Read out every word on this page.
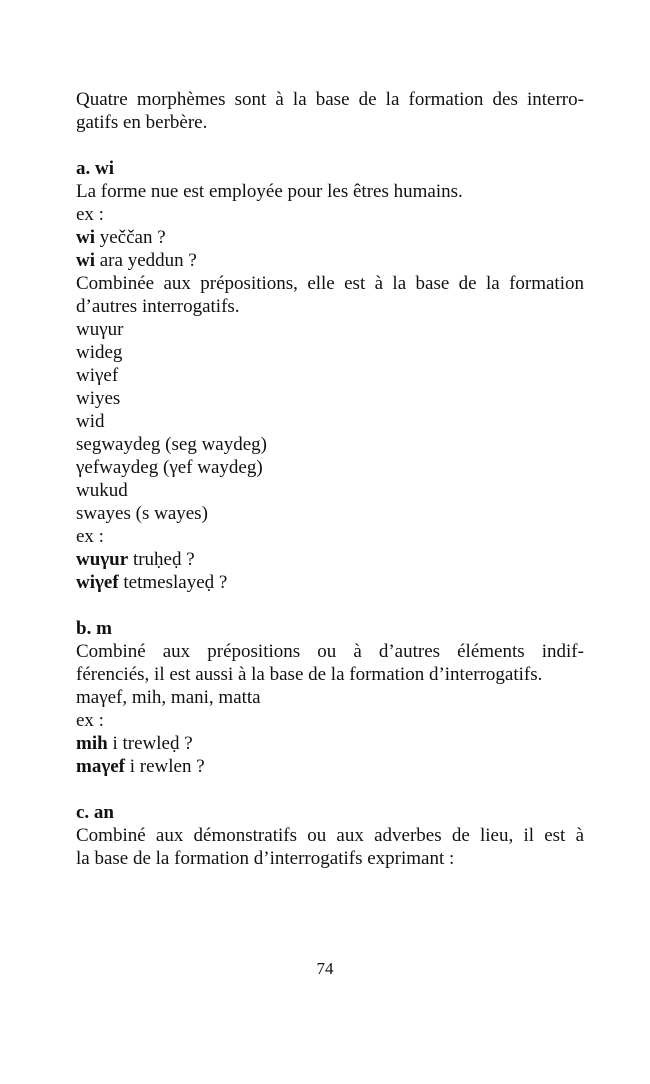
Quatre morphèmes sont à la base de la formation des interro-
gatifs en berbère.
a. wi
La forme nue est employée pour les êtres humains.
ex :
wi yeččan ?
wi ara yeddun ?
Combinée aux prépositions, elle est à la base de la formation
d’autres interrogatifs.
wuγur
wideg
wiγef
wiyes
wid
segwaydeg (seg waydeg)
γefwaydeg (γef waydeg)
wukud
swayes (s wayes)
ex :
wuγur truḥeḍ ?
wiγef tetmeslayeḍ ?
b. m
Combiné aux prépositions ou à d’autres éléments indif-
férenciés, il est aussi à la base de la formation d’interrogatifs.
maγef, mih, mani, matta
ex :
mih i trewleḍ ?
maγef i rewlen ?
c. an
Combiné aux démonstratifs ou aux adverbes de lieu, il est à
la base de la formation d’interrogatifs exprimant :
74
